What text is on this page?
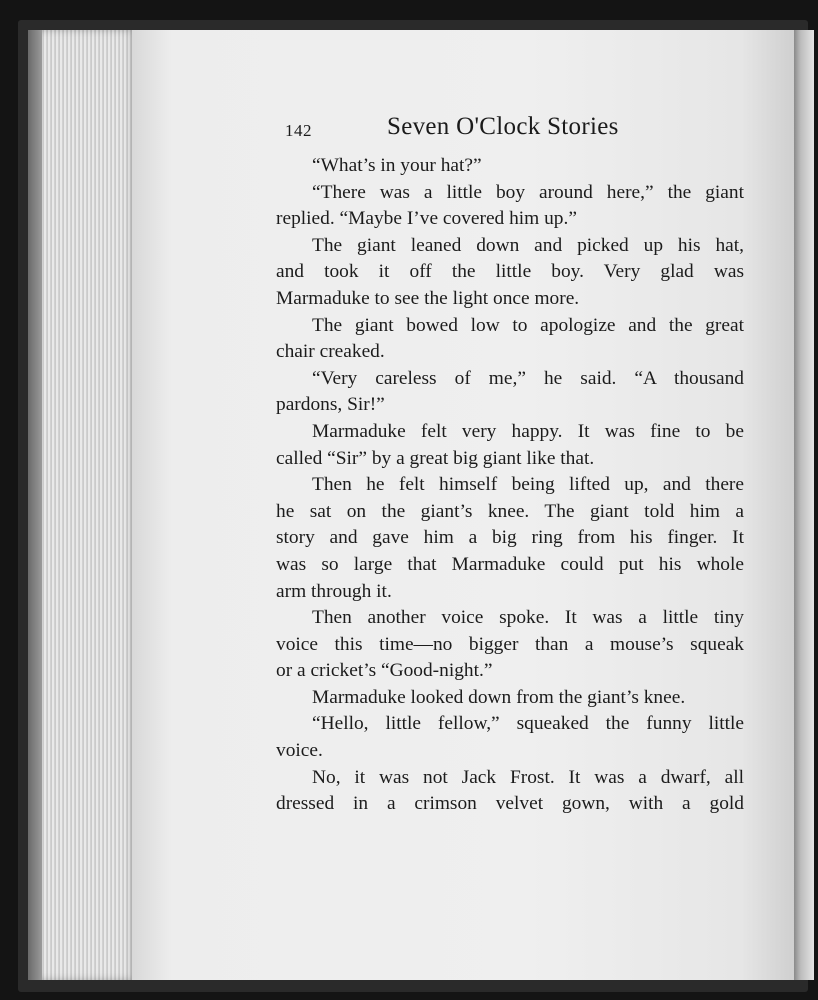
142	Seven O'Clock Stories
“What’s in your hat?”
“There was a little boy around here,” the giant
replied. “Maybe I’ve covered him up.”
The giant leaned down and picked up his hat,
and took it off the little boy. Very glad was
Marmaduke to see the light once more.
The giant bowed low to apologize and the great
chair creaked.
“Very careless of me,” he said. “A thousand
pardons, Sir!”
Marmaduke felt very happy. It was fine to be
called “Sir” by a great big giant like that.
Then he felt himself being lifted up, and there
he sat on the giant’s knee. The giant told him a
story and gave him a big ring from his finger. It
was so large that Marmaduke could put his whole
arm through it.
Then another voice spoke. It was a little tiny
voice this time—no bigger than a mouse’s squeak
or a cricket’s “Good-night.”
Marmaduke looked down from the giant’s knee.
“Hello, little fellow,” squeaked the funny little
voice.
No, it was not Jack Frost. It was a dwarf, all
dressed in a crimson velvet gown, with a gold
